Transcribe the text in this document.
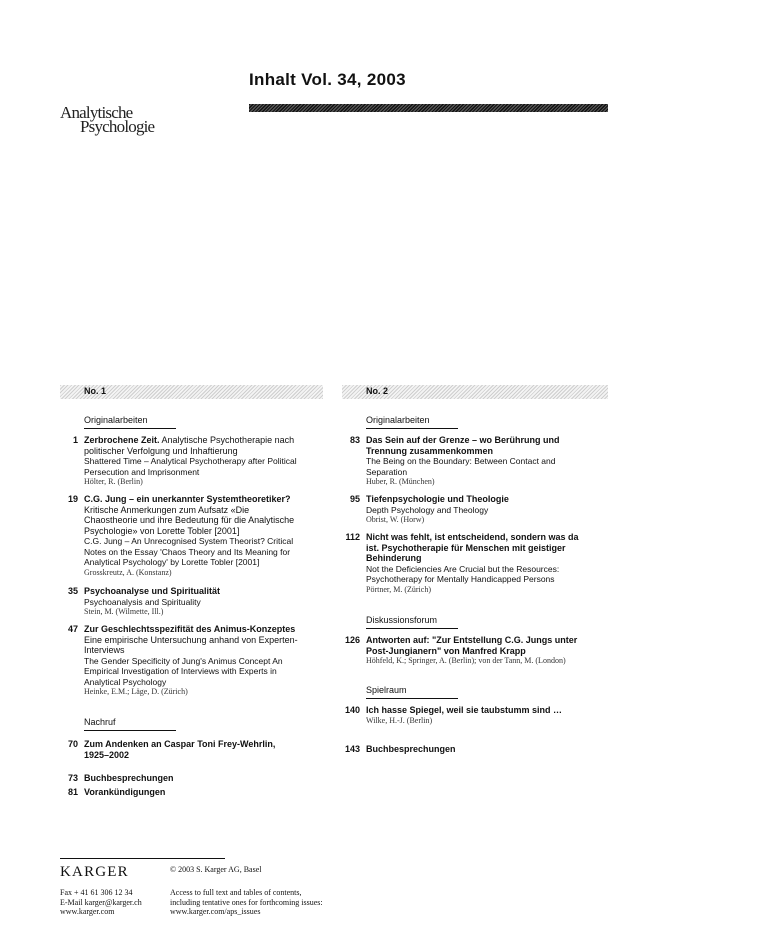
Inhalt Vol. 34, 2003
Analytische
Psychologie
No. 1
Originalarbeiten
1 Zerbrochene Zeit. Analytische Psychotherapie nach politischer Verfolgung und Inhaftierung
Shattered Time – Analytical Psychotherapy after Political Persecution and Imprisonment
Hölter, R. (Berlin)
19 C.G. Jung – ein unerkannter Systemtheoretiker?
Kritische Anmerkungen zum Aufsatz «Die Chaostheorie und ihre Bedeutung für die Analytische Psychologie» von Lorette Tobler [2001]
C.G. Jung – An Unrecognised System Theorist? Critical Notes on the Essay 'Chaos Theory and Its Meaning for Analytical Psychology' by Lorette Tobler [2001]
Grosskreutz, A. (Konstanz)
35 Psychoanalyse und Spiritualität
Psychoanalysis and Spirituality
Stein, M. (Wilmette, Ill.)
47 Zur Geschlechtsspezifität des Animus-Konzeptes
Eine empirische Untersuchung anhand von Experten-Interviews
The Gender Specificity of Jung's Animus Concept An Empirical Investigation of Interviews with Experts in Analytical Psychology
Heinke, E.M.; Läge, D. (Zürich)
Nachruf
70 Zum Andenken an Caspar Toni Frey-Wehrlin, 1925–2002
73 Buchbesprechungen
81 Vorankündigungen
No. 2
Originalarbeiten
83 Das Sein auf der Grenze – wo Berührung und Trennung zusammenkommen
The Being on the Boundary: Between Contact and Separation
Huber, R. (München)
95 Tiefenpsychologie und Theologie
Depth Psychology and Theology
Obrist, W. (Horw)
112 Nicht was fehlt, ist entscheidend, sondern was da ist. Psychotherapie für Menschen mit geistiger Behinderung
Not the Deficiencies Are Crucial but the Resources: Psychotherapy for Mentally Handicapped Persons
Pörtner, M. (Zürich)
Diskussionsforum
126 Antworten auf: "Zur Entstellung C.G. Jungs unter Post-Jungianern" von Manfred Krapp
Höhfeld, K.; Springer, A. (Berlin); von der Tann, M. (London)
Spielraum
140 Ich hasse Spiegel, weil sie taubstumm sind …
Wilke, H.-J. (Berlin)
143 Buchbesprechungen
KARGER	© 2003 S. Karger AG, Basel
Fax + 41 61 306 12 34
E-Mail karger@karger.ch
www.karger.com
Access to full text and tables of contents,
including tentative ones for forthcoming issues:
www.karger.com/aps_issues
